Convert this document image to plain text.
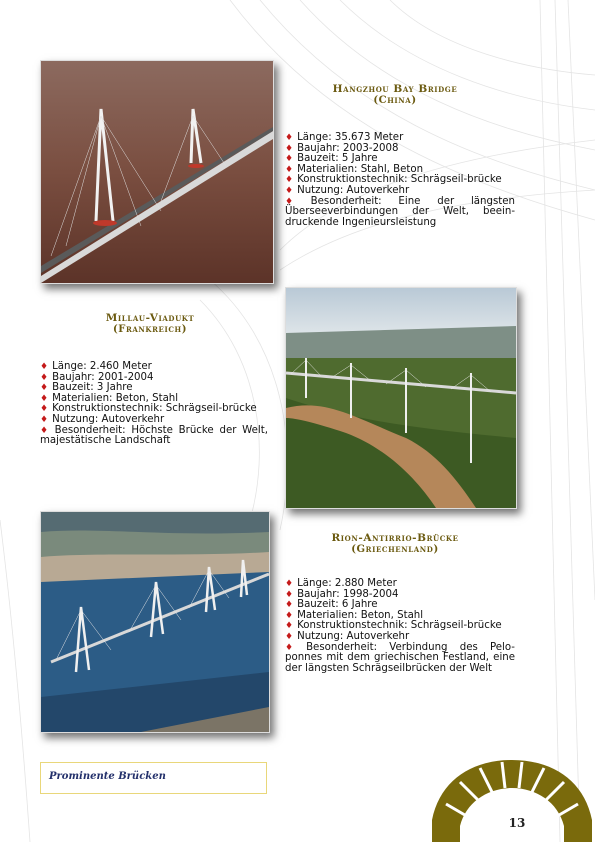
Hangzhou Bay Bridge
(China)
♦ Länge: 35.673 Meter
♦ Baujahr: 2003-2008
♦ Bauzeit: 5 Jahre
♦ Materialien: Stahl, Beton
♦ Konstruktionstechnik: Schrägseil-brücke
♦ Nutzung: Autoverkehr
♦ Besonderheit: Eine der längsten Überseeverbindungen der Welt, beein-druckende Ingenieursleistung
Millau-Viadukt
(Frankreich)
♦ Länge: 2.460 Meter
♦ Baujahr: 2001-2004
♦ Bauzeit: 3 Jahre
♦ Materialien: Beton, Stahl
♦ Konstruktionstechnik: Schrägseil-brücke
♦ Nutzung: Autoverkehr
♦ Besonderheit: Höchste Brücke der Welt, majestätische Landschaft
Rion-Antirrio-Brücke
(Griechenland)
♦ Länge: 2.880 Meter
♦ Baujahr: 1998-2004
♦ Bauzeit: 6 Jahre
♦ Materialien: Beton, Stahl
♦ Konstruktionstechnik: Schrägseil-brücke
♦ Nutzung: Autoverkehr
♦ Besonderheit: Verbindung des Pelo-ponnes mit dem griechischen Festland, eine der längsten Schrägseilbrücken der Welt
Prominente Brücken
13
